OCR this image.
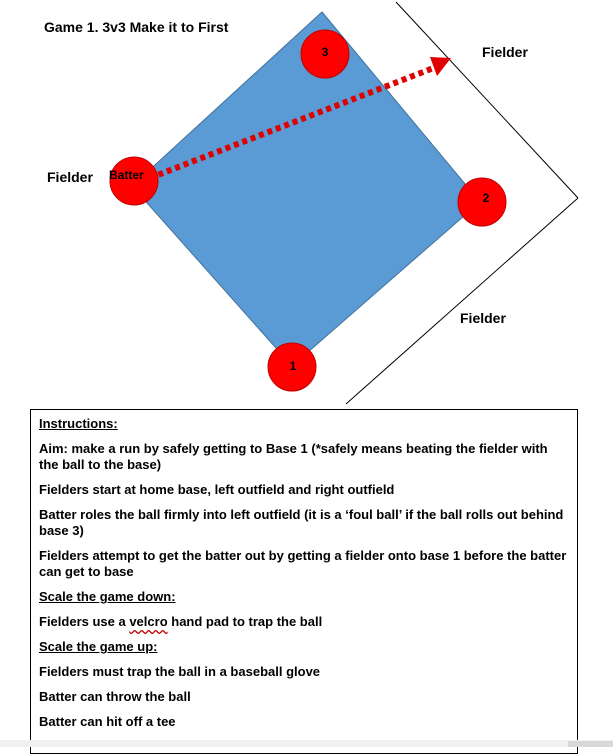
Game 1. 3v3 Make it to First
3
2
1
Batter
Fielder
Fielder
Fielder

Instructions:

Aim: make a run by safely getting to Base 1 (*safely means beating the fielder with the ball to the base)

Fielders start at home base, left outfield and right outfield

Batter roles the ball firmly into left outfield (it is a ‘foul ball’ if the ball rolls out behind base 3)

Fielders attempt to get the batter out by getting a fielder onto base 1 before the batter can get to base

Scale the game down:

Fielders use a velcro hand pad to trap the ball

Scale the game up:

Fielders must trap the ball in a baseball glove

Batter can throw the ball

Batter can hit off a tee
